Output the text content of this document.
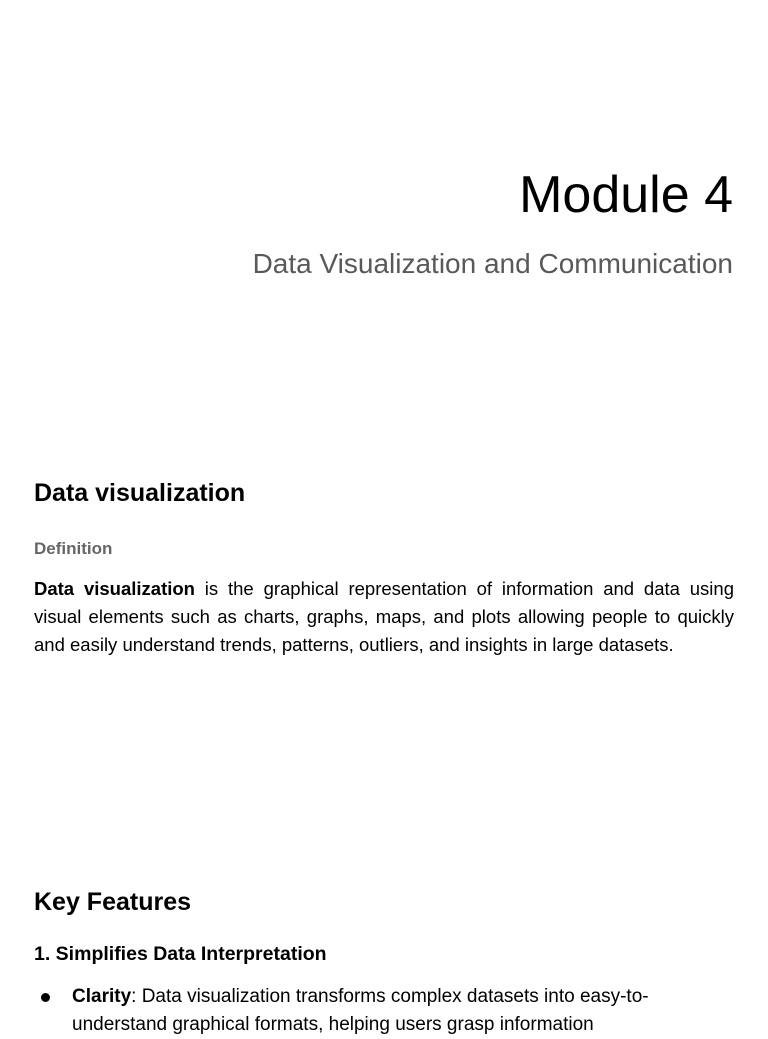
Module 4
Data Visualization and Communication
Data visualization
Definition

Data visualization is the graphical representation of information and data using visual elements such as charts, graphs, maps, and plots allowing people to quickly and easily understand trends, patterns, outliers, and insights in large datasets.

Key Features
1. Simplifies Data Interpretation
Clarity: Data visualization transforms complex datasets into easy-to-understand graphical formats, helping users grasp information
